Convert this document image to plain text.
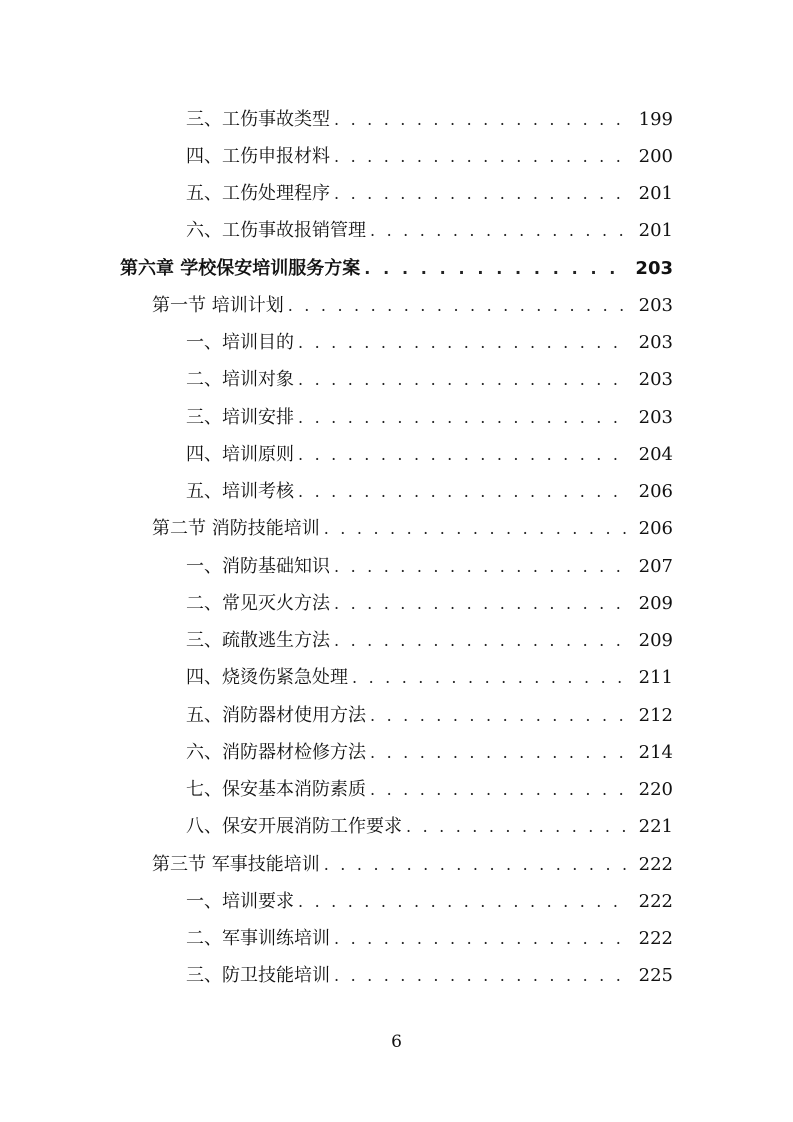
三、工伤事故类型 . . .	199
四、工伤申报材料 . . .	200
五、工伤处理程序 . . .	201
六、工伤事故报销管理 . . .	201
第六章 学校保安培训服务方案 . . .	203
第一节 培训计划 . . .	203
一、培训目的 . . .	203
二、培训对象 . . .	203
三、培训安排 . . .	203
四、培训原则 . . .	204
五、培训考核 . . .	206
第二节 消防技能培训 . . .	206
一、消防基础知识 . . .	207
二、常见灭火方法 . . .	209
三、疏散逃生方法 . . .	209
四、烧烫伤紧急处理 . . .	211
五、消防器材使用方法 . . .	212
六、消防器材检修方法 . . .	214
七、保安基本消防素质 . . .	220
八、保安开展消防工作要求 . . .	221
第三节 军事技能培训 . . .	222
一、培训要求 . . .	222
二、军事训练培训 . . .	222
三、防卫技能培训 . . .	225
6
